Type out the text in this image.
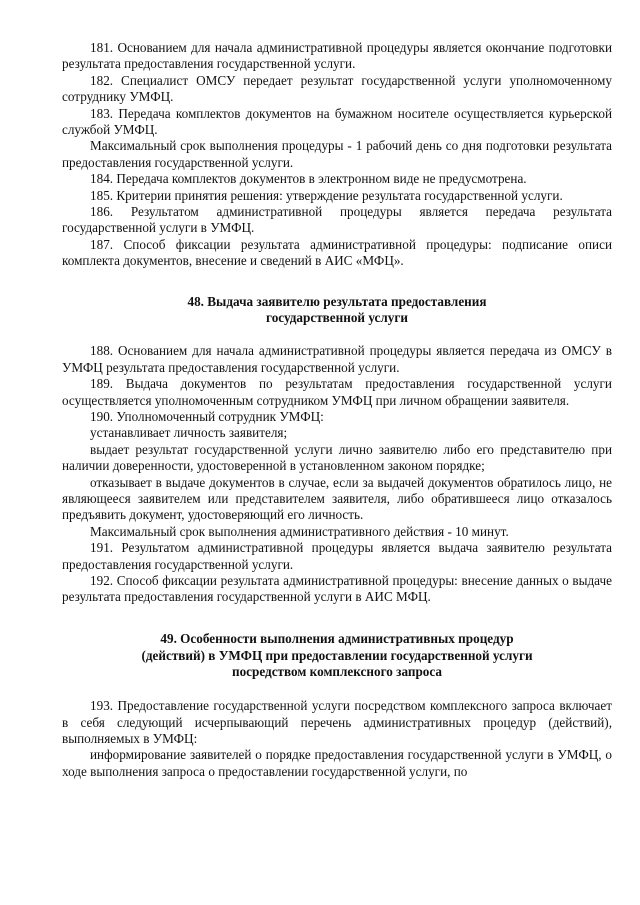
181. Основанием для начала административной процедуры является окончание подготовки результата предоставления государственной услуги.

182. Специалист ОМСУ передает результат государственной услуги уполномоченному сотруднику УМФЦ.

183. Передача комплектов документов на бумажном носителе осуществляется курьерской службой УМФЦ.

Максимальный срок выполнения процедуры - 1 рабочий день со дня подготовки результата предоставления государственной услуги.

184. Передача комплектов документов в электронном виде не предусмотрена.

185. Критерии принятия решения: утверждение результата государственной услуги.

186. Результатом административной процедуры является передача результата государственной услуги в УМФЦ.

187. Способ фиксации результата административной процедуры: подписание описи комплекта документов, внесение и сведений в АИС «МФЦ».

48. Выдача заявителю результата предоставления
государственной услуги

188. Основанием для начала административной процедуры является передача из ОМСУ в УМФЦ результата предоставления государственной услуги.

189. Выдача документов по результатам предоставления государственной услуги осуществляется уполномоченным сотрудником УМФЦ при личном обращении заявителя.

190. Уполномоченный сотрудник УМФЦ:

устанавливает личность заявителя;

выдает результат государственной услуги лично заявителю либо его представителю при наличии доверенности, удостоверенной в установленном законом порядке;

отказывает в выдаче документов в случае, если за выдачей документов обратилось лицо, не являющееся заявителем или представителем заявителя, либо обратившееся лицо отказалось предъявить документ, удостоверяющий его личность.

Максимальный срок выполнения административного действия - 10 минут.

191. Результатом административной процедуры является выдача заявителю результата предоставления государственной услуги.

192. Способ фиксации результата административной процедуры: внесение данных о выдаче результата предоставления государственной услуги в АИС МФЦ.

49. Особенности выполнения административных процедур
(действий) в УМФЦ при предоставлении государственной услуги
посредством комплексного запроса

193. Предоставление государственной услуги посредством комплексного запроса включает в себя следующий исчерпывающий перечень административных процедур (действий), выполняемых в УМФЦ:

информирование заявителей о порядке предоставления государственной услуги в УМФЦ, о ходе выполнения запроса о предоставлении государственной услуги, по
